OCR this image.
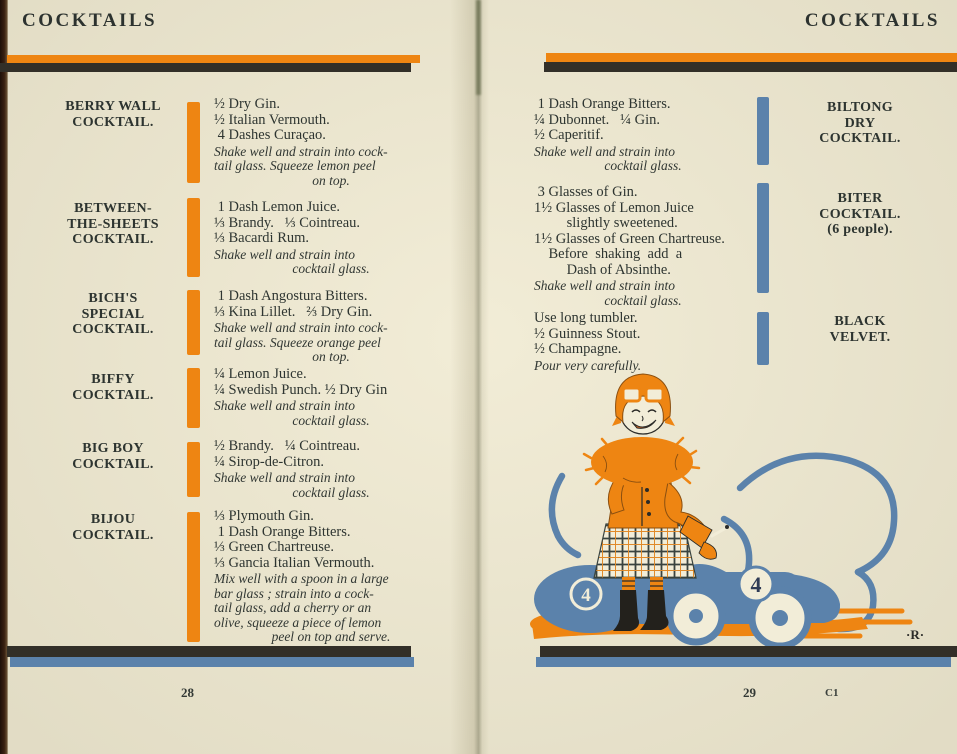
COCKTAILS
BERRY WALL
COCKTAIL.
½ Dry Gin.
½ Italian Vermouth.
4 Dashes Curaçao.
Shake well and strain into cock-
tail glass. Squeeze lemon peel
on top.
BETWEEN-
THE-SHEETS
COCKTAIL.
1 Dash Lemon Juice.
⅓ Brandy.   ⅓ Cointreau.
⅓ Bacardi Rum.
Shake well and strain into
cocktail glass.
BICH'S
SPECIAL
COCKTAIL.
1 Dash Angostura Bitters.
⅓ Kina Lillet.   ⅔ Dry Gin.
Shake well and strain into cock-
tail glass. Squeeze orange peel
on top.
BIFFY
COCKTAIL.
¼ Lemon Juice.
¼ Swedish Punch. ½ Dry Gin
Shake well and strain into
cocktail glass.
BIG BOY
COCKTAIL.
½ Brandy.   ¼ Cointreau.
¼ Sirop-de-Citron.
Shake well and strain into
cocktail glass.
BIJOU
COCKTAIL.
⅓ Plymouth Gin.
1 Dash Orange Bitters.
⅓ Green Chartreuse.
⅓ Gancia Italian Vermouth.
Mix well with a spoon in a large
bar glass ; strain into a cock-
tail glass, add a cherry or an
olive, squeeze a piece of lemon
peel on top and serve.
28
COCKTAILS
1 Dash Orange Bitters.
¼ Dubonnet.   ¼ Gin.
½ Caperitif.
Shake well and strain into
cocktail glass.
BILTONG
DRY
COCKTAIL.
3 Glasses of Gin.
1½ Glasses of Lemon Juice
slightly sweetened.
1½ Glasses of Green Chartreuse.
Before  shaking  add  a
Dash of Absinthe.
Shake well and strain into
cocktail glass.
BITER
COCKTAIL.
(6 people).
Use long tumbler.
½ Guinness Stout.
½ Champagne.
Pour very carefully.
BLACK
VELVET.
4	4
·R·
29	C1
